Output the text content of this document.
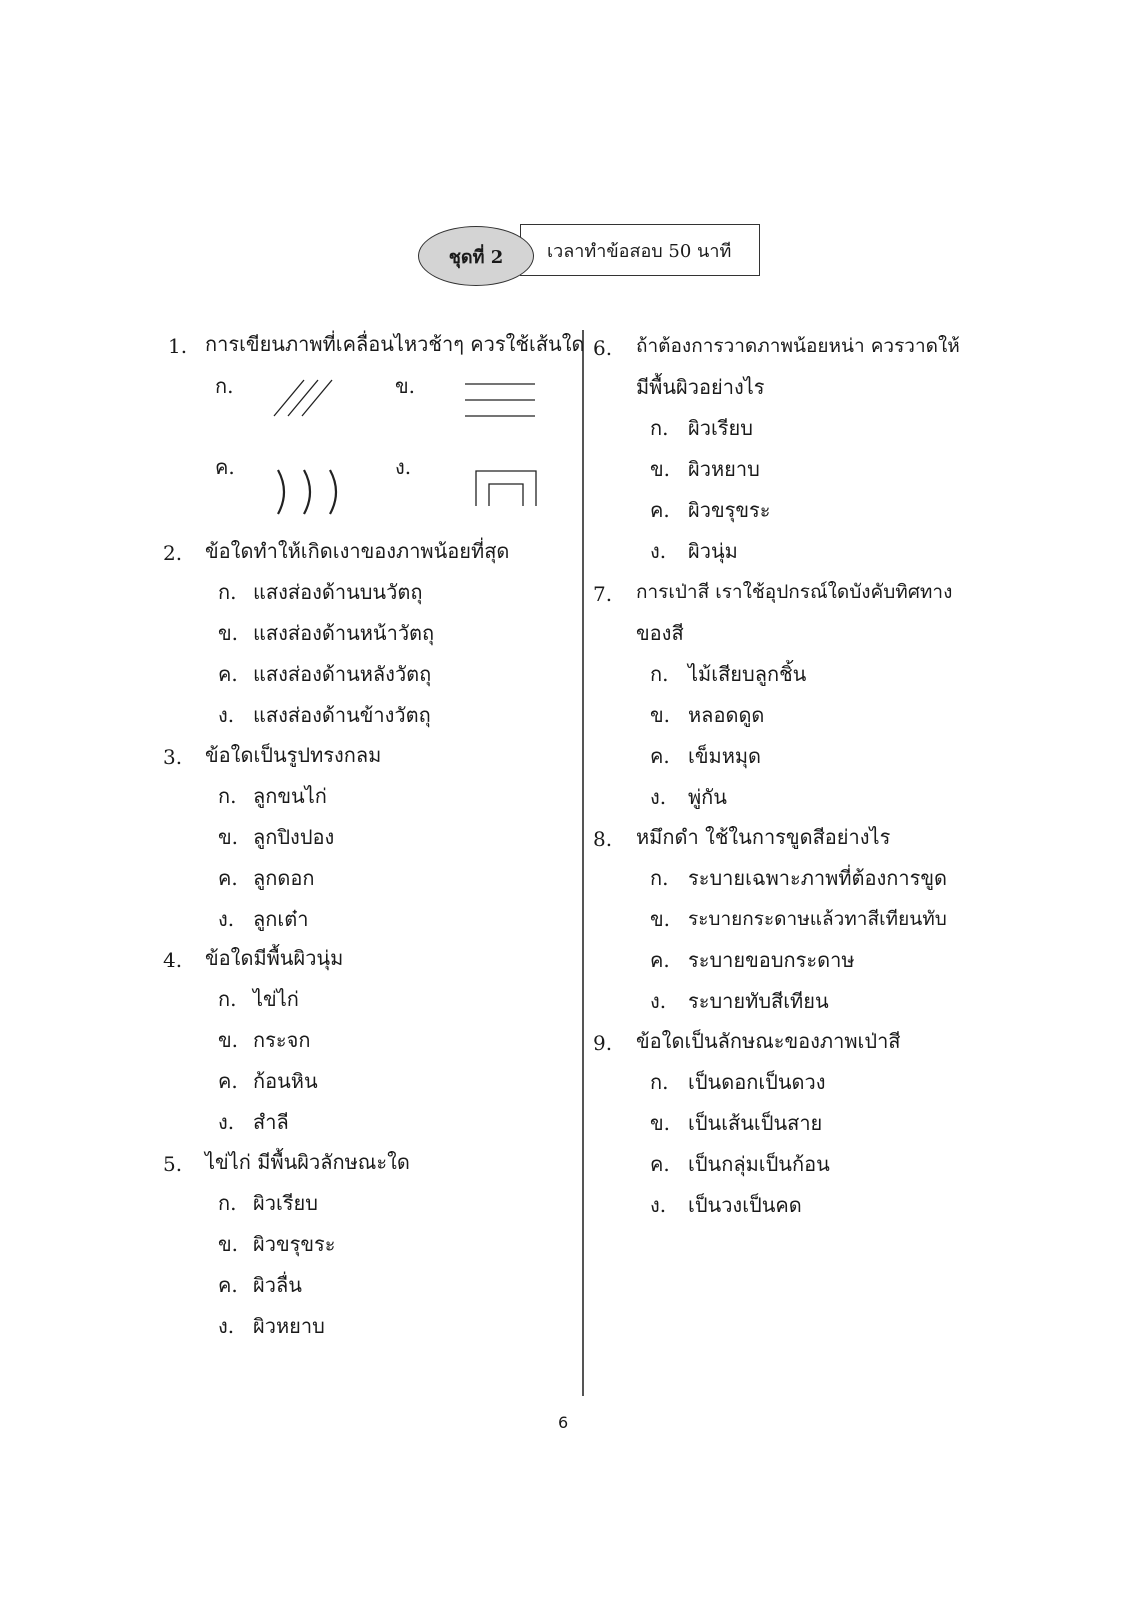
ชุดที่ 2	เวลาทำข้อสอบ 50 นาที
1. การเขียนภาพที่เคลื่อนไหวช้าๆ ควรใช้เส้นใด
ก.	ข.
ค.	ง.
2. ข้อใดทำให้เกิดเงาของภาพน้อยที่สุด
ก. แสงส่องด้านบนวัตถุ
ข. แสงส่องด้านหน้าวัตถุ
ค. แสงส่องด้านหลังวัตถุ
ง. แสงส่องด้านข้างวัตถุ
3. ข้อใดเป็นรูปทรงกลม
ก. ลูกขนไก่
ข. ลูกปิงปอง
ค. ลูกดอก
ง. ลูกเต๋า
4. ข้อใดมีพื้นผิวนุ่ม
ก. ไข่ไก่
ข. กระจก
ค. ก้อนหิน
ง. สำลี
5. ไข่ไก่ มีพื้นผิวลักษณะใด
ก. ผิวเรียบ
ข. ผิวขรุขระ
ค. ผิวลื่น
ง. ผิวหยาบ
6. ถ้าต้องการวาดภาพน้อยหน่า ควรวาดให้
มีพื้นผิวอย่างไร
ก. ผิวเรียบ
ข. ผิวหยาบ
ค. ผิวขรุขระ
ง. ผิวนุ่ม
7. การเป่าสี เราใช้อุปกรณ์ใดบังคับทิศทาง
ของสี
ก. ไม้เสียบลูกชิ้น
ข. หลอดดูด
ค. เข็มหมุด
ง. พู่กัน
8. หมึกดำ ใช้ในการขูดสีอย่างไร
ก. ระบายเฉพาะภาพที่ต้องการขูด
ข. ระบายกระดาษแล้วทาสีเทียนทับ
ค. ระบายขอบกระดาษ
ง. ระบายทับสีเทียน
9. ข้อใดเป็นลักษณะของภาพเป่าสี
ก. เป็นดอกเป็นดวง
ข. เป็นเส้นเป็นสาย
ค. เป็นกลุ่มเป็นก้อน
ง. เป็นวงเป็นคด
6
